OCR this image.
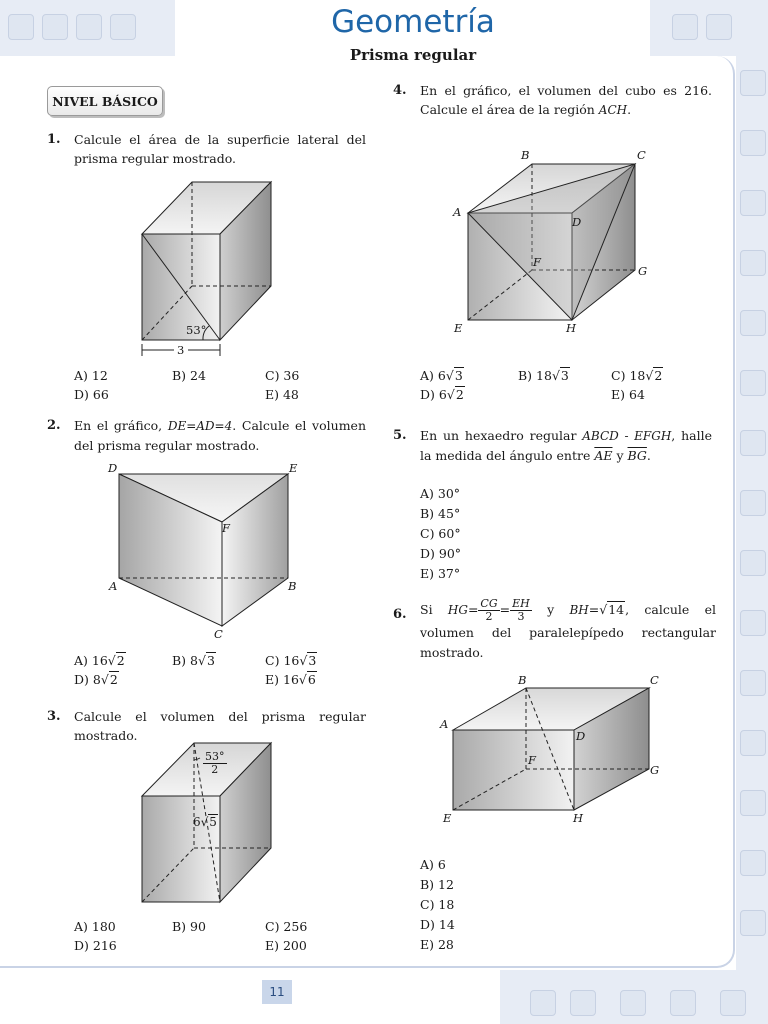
Geometría
Prisma regular
NIVEL BÁSICO
1. Calcule el área de la superficie lateral del prisma regular mostrado.
53°
3
A) 12	B) 24	C) 36
D) 66	E) 48
2. En el gráfico, DE=AD=4. Calcule el volumen del prisma regular mostrado.
D	E
F
A	B
C
A) 16√2	B) 8√3	C) 16√3
D) 8√2	E) 16√6
3. Calcule el volumen del prisma regular mostrado.
$\frac{53^\circ}{2}$
6√5
A) 180	B) 90	C) 256
D) 216	E) 200
4. En el gráfico, el volumen del cubo es 216. Calcule el área de la región ACH.
B	C
A
D
F
G
E	H
A) 6√3	B) 18√3	C) 18√2
D) 6√2	E) 64
5. En un hexaedro regular ABCD - EFGH, halle la medida del ángulo entre $\overline{AE}$ y $\overline{BG}$.
A) 30°
B) 45°
C) 60°
D) 90°
E) 37°
6. Si $HG= \frac{CG}{2} = \frac{EH}{3}$ y BH=√14, calcule el volumen del paralelepípedo rectangular mostrado.
B	C
A
D
F
G
E	H
A) 6
B) 12
C) 18
D) 14
E) 28
11
